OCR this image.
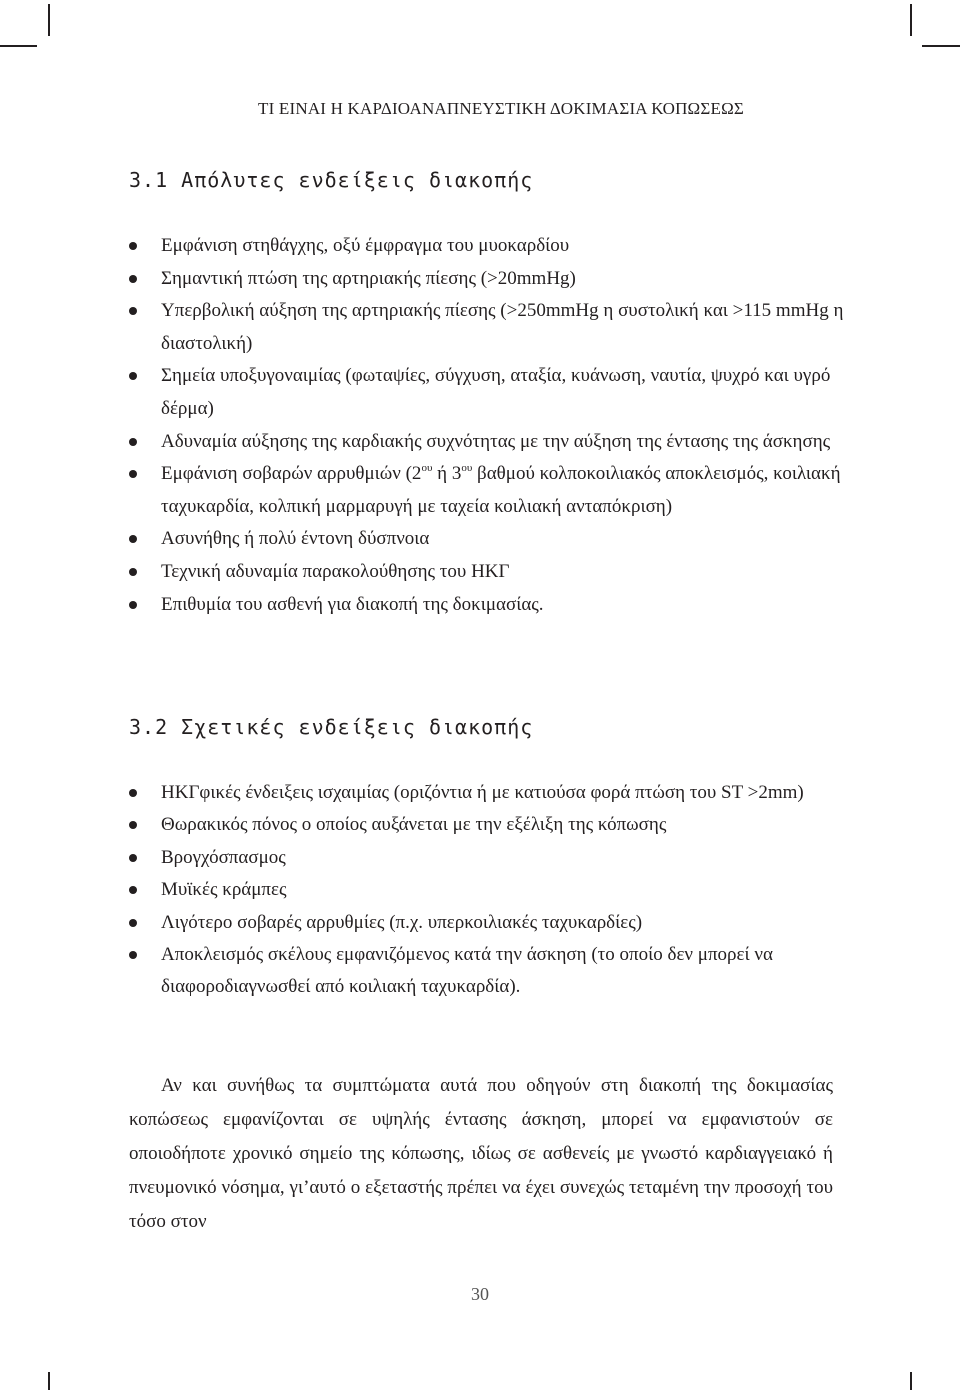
ΤΙ ΕΙΝΑΙ Η ΚΑΡΔΙΟΑΝΑΠΝΕΥΣΤΙΚΗ ΔΟΚΙΜΑΣΙΑ ΚΟΠΩΣΕΩΣ
3.1 Απόλυτες ενδείξεις διακοπής
Εμφάνιση στηθάγχης, οξύ έμφραγμα του μυοκαρδίου
Σημαντική πτώση της αρτηριακής πίεσης (>20mmHg)
Υπερβολική αύξηση της αρτηριακής πίεσης (>250mmHg η συστολική και >115 mmHg η διαστολική)
Σημεία υποξυγοναιμίας (φωταψίες, σύγχυση, αταξία, κυάνωση, ναυτία, ψυχρό και υγρό δέρμα)
Αδυναμία αύξησης της καρδιακής συχνότητας με την αύξηση της έντασης της άσκησης
Εμφάνιση σοβαρών αρρυθμιών ($2^{o\upsilon}$ ή $3^{o\upsilon}$ βαθμού κολποκοιλιακός αποκλεισμός, κοιλιακή ταχυκαρδία, κολπική μαρμαρυγή με ταχεία κοιλιακή ανταπόκριση)
Ασυνήθης ή πολύ έντονη δύσπνοια
Τεχνική αδυναμία παρακολούθησης του ΗΚΓ
Επιθυμία του ασθενή για διακοπή της δοκιμασίας.
3.2 Σχετικές ενδείξεις διακοπής
ΗΚΓφικές ένδειξεις ισχαιμίας (οριζόντια ή με κατιούσα φορά πτώση του ST >2mm)
Θωρακικός πόνος ο οποίος αυξάνεται με την εξέλιξη της κόπωσης
Βρογχόσπασμος
Μυϊκές κράμπες
Λιγότερο σοβαρές αρρυθμίες (π.χ. υπερκοιλιακές ταχυκαρδίες)
Αποκλεισμός σκέλους εμφανιζόμενος κατά την άσκηση (το οποίο δεν μπορεί να διαφοροδιαγνωσθεί από κοιλιακή ταχυκαρδία).

Αν και συνήθως τα συμπτώματα αυτά που οδηγούν στη διακοπή της δοκιμασίας κοπώσεως εμφανίζονται σε υψηλής έντασης άσκηση, μπορεί να εμφανιστούν σε οποιοδήποτε χρονικό σημείο της κόπωσης, ιδίως σε ασθενείς με γνωστό καρδιαγγειακό ή πνευμονικό νόσημα, γι’αυτό ο εξεταστής πρέπει να έχει συνεχώς τεταμένη την προσοχή του τόσο στον

30
